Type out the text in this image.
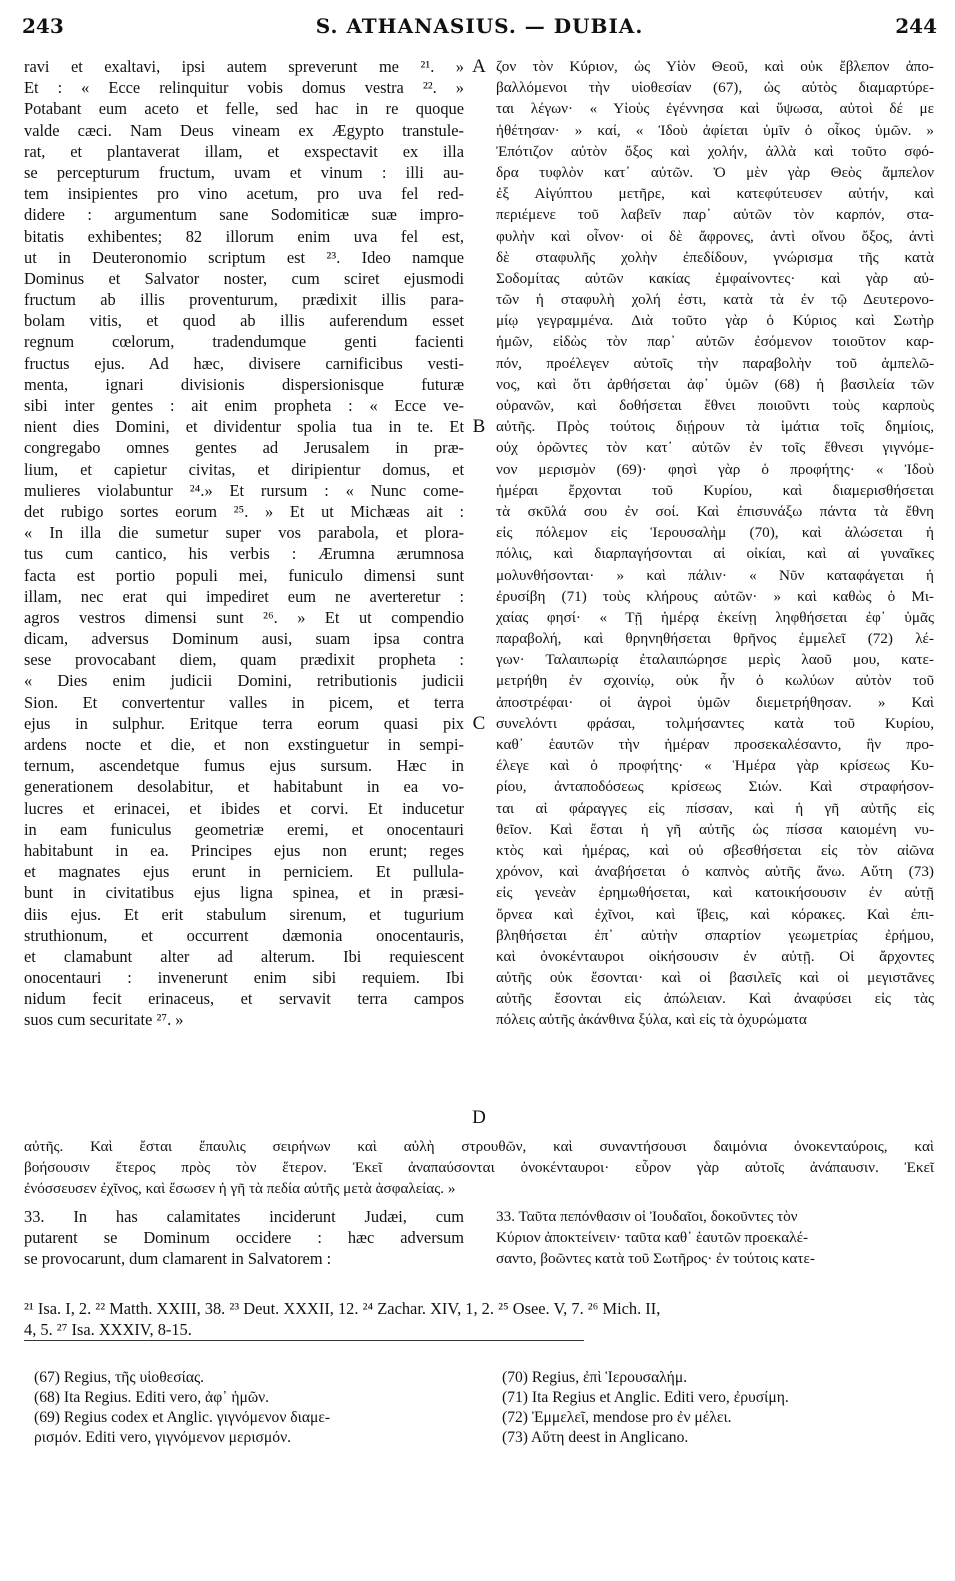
243	S. ATHANASIUS. — DUBIA.	244
ravi et exaltavi, ipsi autem spreverunt me ²¹. »
Et : « Ecce relinquitur vobis domus vestra ²². »
Potabant eum aceto et felle, sed hac in re quoque
valde cæci. Nam Deus vineam ex Ægypto transtule-
rat, et plantaverat illam, et exspectavit ex illa
se percepturum fructum, uvam et vinum : illi au-
tem insipientes pro vino acetum, pro uva fel red-
didere : argumentum sane Sodomiticæ suæ impro-
bitatis exhibentes; 82 illorum enim uva fel est,
ut in Deuteronomio scriptum est ²³. Ideo namque
Dominus et Salvator noster, cum sciret ejusmodi
fructum ab illis proventurum, prædixit illis para-
bolam vitis, et quod ab illis auferendum esset
regnum cœlorum, tradendumque genti facienti
fructus ejus. Ad hæc, divisere carnificibus vesti-
menta, ignari divisionis dispersionisque futuræ
sibi inter gentes : ait enim propheta : « Ecce ve-
nient dies Domini, et dividentur spolia tua in te. Et
congregabo omnes gentes ad Jerusalem in præ-
lium, et capietur civitas, et diripientur domus, et
mulieres violabuntur ²⁴.» Et rursum : « Nunc come-
det rubigo sortes eorum ²⁵. » Et ut Michæas ait :
« In illa die sumetur super vos parabola, et plora-
tus cum cantico, his verbis : Ærumna ærumnosa
facta est portio populi mei, funiculo dimensi sunt
illam, nec erat qui impediret eum ne averteretur :
agros vestros dimensi sunt ²⁶. » Et ut compendio
dicam, adversus Dominum ausi, suam ipsa contra
sese provocabant diem, quam prædixit propheta :
« Dies enim judicii Domini, retributionis judicii
Sion. Et convertentur valles in picem, et terra
ejus in sulphur. Eritque terra eorum quasi pix
ardens nocte et die, et non exstinguetur in sempi-
ternum, ascendetque fumus ejus sursum. Hæc in
generationem desolabitur, et habitabunt in ea vo-
lucres et erinacei, et ibides et corvi. Et inducetur
in eam funiculus geometriæ eremi, et onocentauri
habitabunt in ea. Principes ejus non erunt; reges
et magnates ejus erunt in perniciem. Et pullula-
bunt in civitatibus ejus ligna spinea, et in præsi-
diis ejus. Et erit stabulum sirenum, et tugurium
struthionum, et occurrent dæmonia onocentauris,
et clamabunt alter ad alterum. Ibi requiescent
onocentauri : invenerunt enim sibi requiem. Ibi
nidum fecit erinaceus, et servavit terra campos
suos cum securitate ²⁷. »
A
B
C
D
ζον τὸν Κύριον, ὡς Υἱὸν Θεοῦ, καὶ οὐκ ἔβλεπον ἀπο-
βαλλόμενοι τὴν υἱοθεσίαν (67), ὡς αὐτὸς διαμαρτύρε-
ται λέγων· « Υἱοὺς ἐγέννησα καὶ ὕψωσα, αὐτοὶ δέ με
ἠθέτησαν· » καί, « Ἰδοὺ ἀφίεται ὑμῖν ὁ οἶκος ὑμῶν. »
Ἐπότιζον αὐτὸν ὄξος καὶ χολήν, ἀλλὰ καὶ τοῦτο σφό-
δρα τυφλὸν κατ᾽ αὐτῶν. Ὁ μὲν γὰρ Θεὸς ἄμπελον
ἐξ Αἰγύπτου μετῆρε, καὶ κατεφύτευσεν αὐτήν, καὶ
περιέμενε τοῦ λαβεῖν παρ᾽ αὐτῶν τὸν καρπόν, στα-
φυλὴν καὶ οἶνον· οἱ δὲ ἄφρονες, ἀντὶ οἴνου ὄξος, ἀντὶ
δὲ σταφυλῆς χολὴν ἐπεδίδουν, γνώρισμα τῆς κατὰ
Σοδομίτας αὐτῶν κακίας ἐμφαίνοντες· καὶ γὰρ αὐ-
τῶν ἡ σταφυλὴ χολή ἐστι, κατὰ τὰ ἐν τῷ Δευτερονο-
μίῳ γεγραμμένα. Διὰ τοῦτο γὰρ ὁ Κύριος καὶ Σωτὴρ
ἡμῶν, εἰδὼς τὸν παρ᾽ αὐτῶν ἐσόμενον τοιοῦτον καρ-
πόν, προέλεγεν αὐτοῖς τὴν παραβολὴν τοῦ ἀμπελῶ-
νος, καὶ ὅτι ἀρθήσεται ἀφ᾽ ὑμῶν (68) ἡ βασιλεία τῶν
οὐρανῶν, καὶ δοθήσεται ἔθνει ποιοῦντι τοὺς καρποὺς
αὐτῆς. Πρὸς τούτοις διῄρουν τὰ ἱμάτια τοῖς δημίοις,
οὐχ ὁρῶντες τὸν κατ᾽ αὐτῶν ἐν τοῖς ἔθνεσι γιγνόμε-
νον μερισμὸν (69)· φησὶ γὰρ ὁ προφήτης· « Ἰδοὺ
ἡμέραι ἔρχονται τοῦ Κυρίου, καὶ διαμερισθήσεται
τὰ σκῦλά σου ἐν σοί. Καὶ ἐπισυνάξω πάντα τὰ ἔθνη
εἰς πόλεμον εἰς Ἱερουσαλὴμ (70), καὶ ἁλώσεται ἡ
πόλις, καὶ διαρπαγήσονται αἱ οἰκίαι, καὶ αἱ γυναῖκες
μολυνθήσονται· » καὶ πάλιν· « Νῦν καταφάγεται ἡ
ἐρυσίβη (71) τοὺς κλήρους αὐτῶν· » καὶ καθὼς ὁ Μι-
χαίας φησί· « Τῇ ἡμέρᾳ ἐκείνῃ ληφθήσεται ἐφ᾽ ὑμᾶς
παραβολή, καὶ θρηνηθήσεται θρῆνος ἐμμελεῖ (72) λέ-
γων· Ταλαιπωρίᾳ ἐταλαιπώρησε μερὶς λαοῦ μου, κατε-
μετρήθη ἐν σχοινίῳ, οὐκ ἦν ὁ κωλύων αὐτὸν τοῦ
ἀποστρέφαι· οἱ ἀγροὶ ὑμῶν διεμετρήθησαν. » Καὶ
συνελόντι φράσαι, τολμήσαντες κατὰ τοῦ Κυρίου,
καθ᾽ ἑαυτῶν τὴν ἡμέραν προσεκαλέσαντο, ἣν προ-
έλεγε καὶ ὁ προφήτης· « Ἡμέρα γὰρ κρίσεως Κυ-
ρίου, ἀνταποδόσεως κρίσεως Σιών. Καὶ στραφήσον-
ται αἱ φάραγγες εἰς πίσσαν, καὶ ἡ γῆ αὐτῆς εἰς
θεῖον. Καὶ ἔσται ἡ γῆ αὐτῆς ὡς πίσσα καιομένη νυ-
κτὸς καὶ ἡμέρας, καὶ οὐ σβεσθήσεται εἰς τὸν αἰῶνα
χρόνον, καὶ ἀναβήσεται ὁ καπνὸς αὐτῆς ἄνω. Αὕτη (73)
εἰς γενεὰν ἐρημωθήσεται, καὶ κατοικήσουσιν ἐν αὐτῇ
ὄρνεα καὶ ἐχῖνοι, καὶ ἴβεις, καὶ κόρακες. Καὶ ἐπι-
βληθήσεται ἐπ᾽ αὐτὴν σπαρτίον γεωμετρίας ἐρήμου,
καὶ ὀνοκένταυροι οἰκήσουσιν ἐν αὐτῇ. Οἱ ἄρχοντες
αὐτῆς οὐκ ἔσονται· καὶ οἱ βασιλεῖς καὶ οἱ μεγιστᾶνες
αὐτῆς ἔσονται εἰς ἀπώλειαν. Καὶ ἀναφύσει εἰς τὰς
πόλεις αὐτῆς ἀκάνθινα ξύλα, καὶ εἰς τὰ ὀχυρώματα
αὐτῆς. Καὶ ἔσται ἔπαυλις σειρήνων καὶ αὐλὴ στρουθῶν, καὶ συναντήσουσι δαιμόνια ὀνοκενταύροις, καὶ
βοήσουσιν ἕτερος πρὸς τὸν ἕτερον. Ἐκεῖ ἀναπαύσονται ὀνοκένταυροι· εὗρον γὰρ αὐτοῖς ἀνάπαυσιν. Ἐκεῖ
ἐνόσσευσεν ἐχῖνος, καὶ ἔσωσεν ἡ γῆ τὰ πεδία αὐτῆς μετὰ ἀσφαλείας. »
33. In has calamitates inciderunt Judæi, cum
putarent se Dominum occidere : hæc adversum
se provocarunt, dum clamarent in Salvatorem :
33. Ταῦτα πεπόνθασιν οἱ Ἰουδαῖοι, δοκοῦντες τὸν
Κύριον ἀποκτείνειν· ταῦτα καθ᾽ ἑαυτῶν προεκαλέ-
σαντο, βοῶντες κατὰ τοῦ Σωτῆρος· ἐν τούτοις κατε-
²¹ Isa. I, 2. ²² Matth. XXIII, 38. ²³ Deut. XXXII, 12. ²⁴ Zachar. XIV, 1, 2. ²⁵ Osee. V, 7. ²⁶ Mich. II,
4, 5. ²⁷ Isa. XXXIV, 8-15.
(67) Regius, τῆς υἱοθεσίας.
(68) Ita Regius. Editi vero, ἀφ᾽ ἡμῶν.
(69) Regius codex et Anglic. γιγνόμενον διαμε-
ρισμόν. Editi vero, γιγνόμενον μερισμόν.
(70) Regius, ἐπὶ Ἱερουσαλήμ.
(71) Ita Regius et Anglic. Editi vero, ἐρυσίμη.
(72) Ἐμμελεῖ, mendose pro ἐν μέλει.
(73) Αὕτη deest in Anglicano.
